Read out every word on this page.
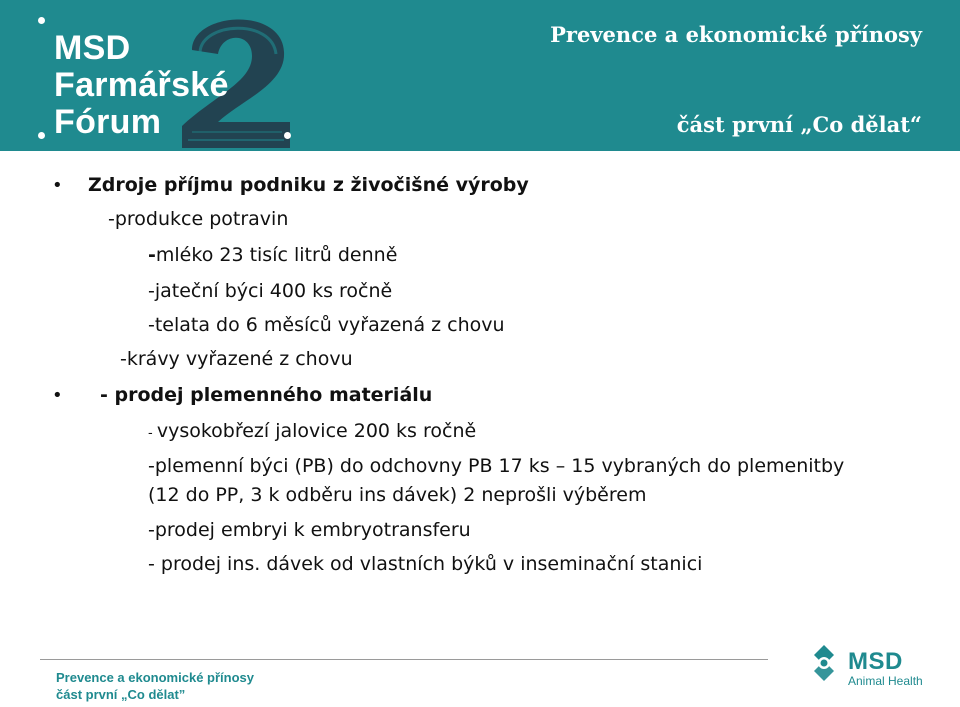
MSD
Farmářské
Fórum
Prevence a ekonomické přínosy
část první „Co dělat“
• Zdroje příjmu podniku z živočišné výroby
-produkce potravin
-mléko 23 tisíc litrů denně
-jateční býci 400 ks ročně
-telata do 6 měsíců vyřazená z chovu
-krávy vyřazené z chovu
• - prodej plemenného materiálu
- vysokobřezí jalovice 200 ks ročně
-plemenní býci (PB) do odchovny PB 17 ks – 15 vybraných do plemenitby
(12 do PP, 3 k odběru ins dávek) 2 neprošli výběrem
-prodej embryi k embryotransferu
- prodej ins. dávek od vlastních býků v inseminační stanici
Prevence a ekonomické přínosy
část první „Co dělat”
MSD
Animal Health
